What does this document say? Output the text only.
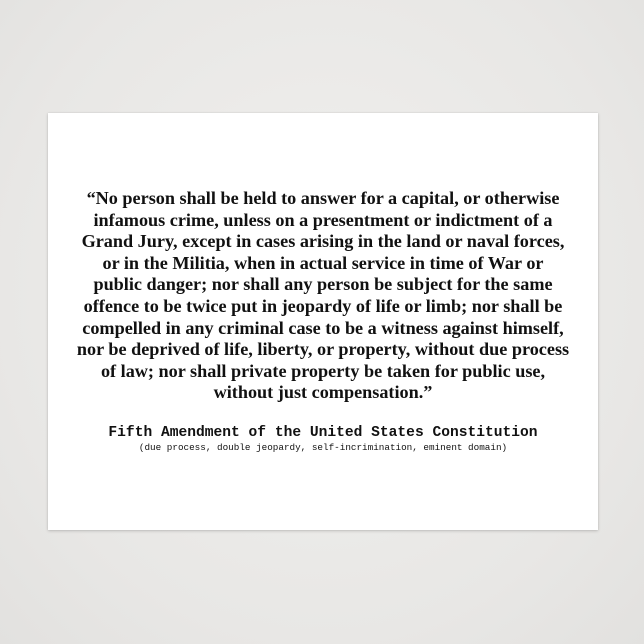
“No person shall be held to answer for a capital, or otherwise
infamous crime, unless on a presentment or indictment of a
Grand Jury, except in cases arising in the land or naval forces,
or in the Militia, when in actual service in time of War or
public danger; nor shall any person be subject for the same
offence to be twice put in jeopardy of life or limb; nor shall be
compelled in any criminal case to be a witness against himself,
nor be deprived of life, liberty, or property, without due process
of law; nor shall private property be taken for public use,
without just compensation.”
Fifth Amendment of the United States Constitution
(due process, double jeopardy, self-incrimination, eminent domain)
